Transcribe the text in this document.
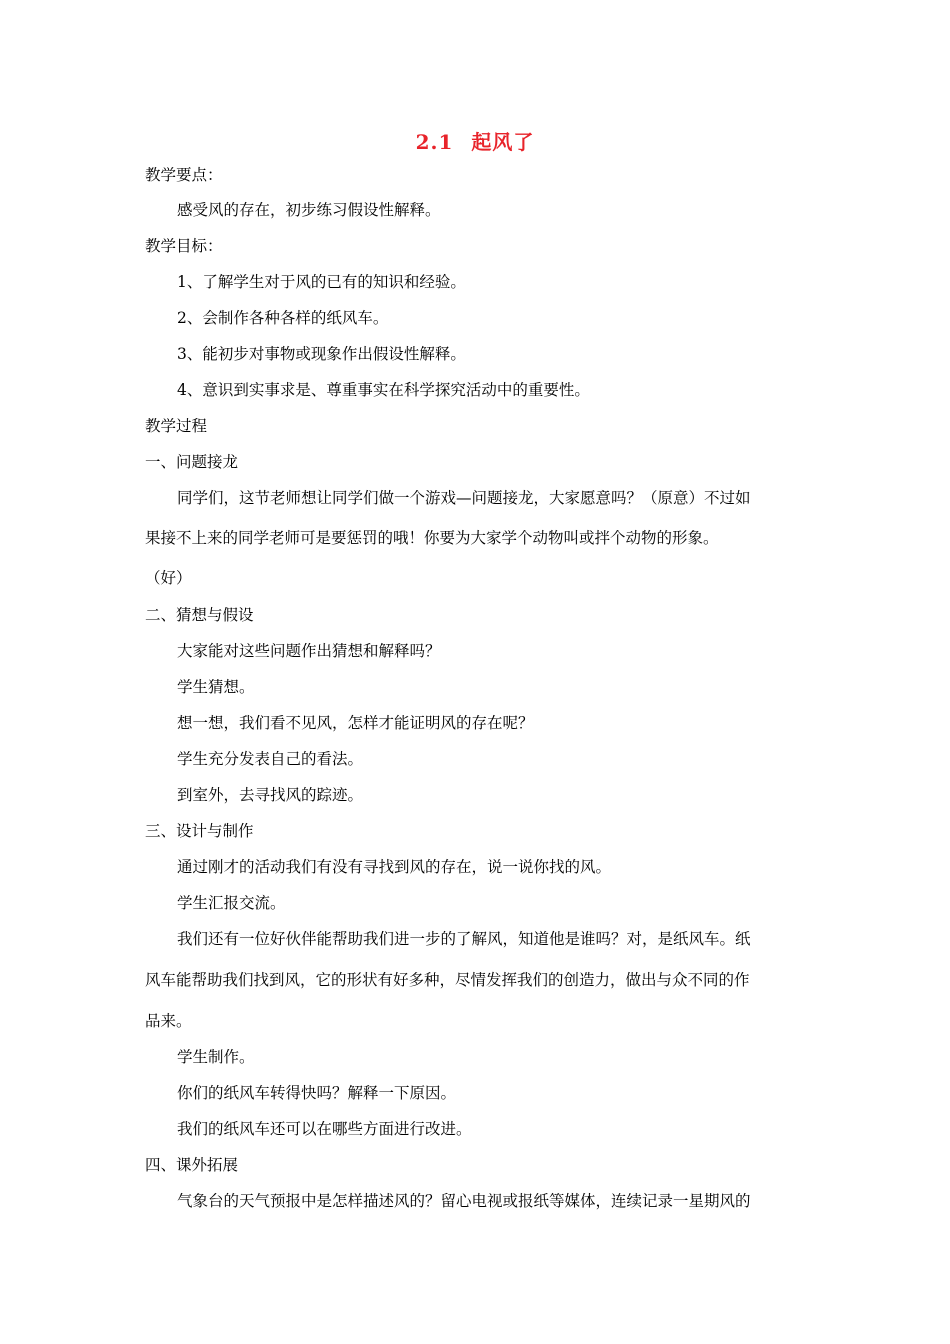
2.1 起风了
教学要点：
感受风的存在，初步练习假设性解释。
教学目标：
1、了解学生对于风的已有的知识和经验。
2、会制作各种各样的纸风车。
3、能初步对事物或现象作出假设性解释。
4、意识到实事求是、尊重事实在科学探究活动中的重要性。
教学过程
一、问题接龙
同学们，这节老师想让同学们做一个游戏—问题接龙，大家愿意吗？（原意）不过如
果接不上来的同学老师可是要惩罚的哦！你要为大家学个动物叫或拌个动物的形象。
（好）
二、猜想与假设
大家能对这些问题作出猜想和解释吗？
学生猜想。
想一想，我们看不见风，怎样才能证明风的存在呢？
学生充分发表自己的看法。
到室外，去寻找风的踪迹。
三、设计与制作
通过刚才的活动我们有没有寻找到风的存在，说一说你找的风。
学生汇报交流。
我们还有一位好伙伴能帮助我们进一步的了解风，知道他是谁吗？对，是纸风车。纸
风车能帮助我们找到风，它的形状有好多种，尽情发挥我们的创造力，做出与众不同的作
品来。
学生制作。
你们的纸风车转得快吗？解释一下原因。
我们的纸风车还可以在哪些方面进行改进。
四、课外拓展
气象台的天气预报中是怎样描述风的？留心电视或报纸等媒体，连续记录一星期风的
